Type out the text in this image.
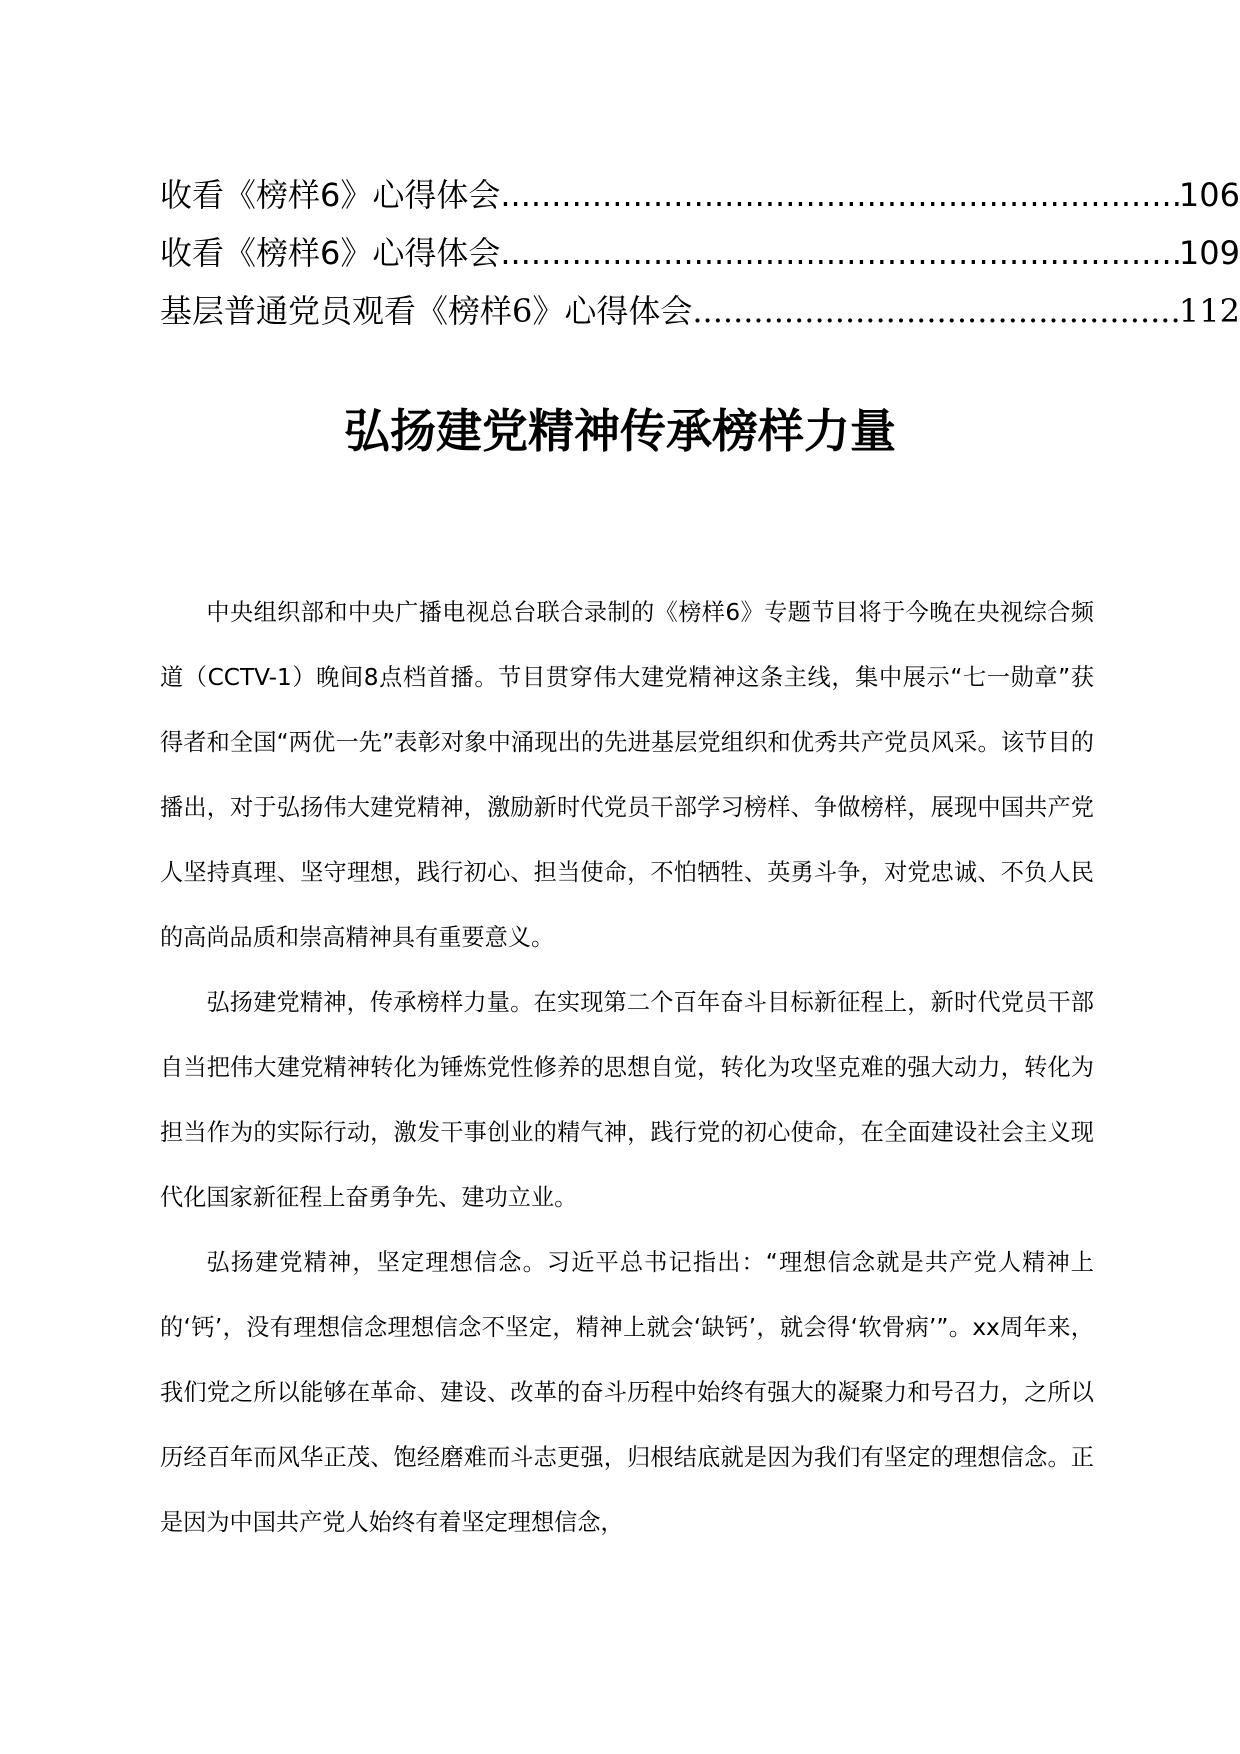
收看《榜样6》心得体会 .....	106
收看《榜样6》心得体会 .....	109
基层普通党员观看《榜样6》心得体会 .....	112
弘扬建党精神传承榜样力量

中央组织部和中央广播电视总台联合录制的《榜样6》专题节目将于今晚在央视综合频道（CCTV-1）晚间8点档首播。节目贯穿伟大建党精神这条主线，集中展示“七一勋章”获得者和全国“两优一先”表彰对象中涌现出的先进基层党组织和优秀共产党员风采。该节目的播出，对于弘扬伟大建党精神，激励新时代党员干部学习榜样、争做榜样，展现中国共产党人坚持真理、坚守理想，践行初心、担当使命，不怕牺牲、英勇斗争，对党忠诚、不负人民的高尚品质和崇高精神具有重要意义。

弘扬建党精神，传承榜样力量。在实现第二个百年奋斗目标新征程上，新时代党员干部自当把伟大建党精神转化为锤炼党性修养的思想自觉，转化为攻坚克难的强大动力，转化为担当作为的实际行动，激发干事创业的精气神，践行党的初心使命，在全面建设社会主义现代化国家新征程上奋勇争先、建功立业。

弘扬建党精神，坚定理想信念。习近平总书记指出：“理想信念就是共产党人精神上的‘钙’，没有理想信念理想信念不坚定，精神上就会‘缺钙’，就会得‘软骨病’”。xx周年来，我们党之所以能够在革命、建设、改革的奋斗历程中始终有强大的凝聚力和号召力，之所以历经百年而风华正茂、饱经磨难而斗志更强，归根结底就是因为我们有坚定的理想信念。正是因为中国共产党人始终有着坚定理想信念，
